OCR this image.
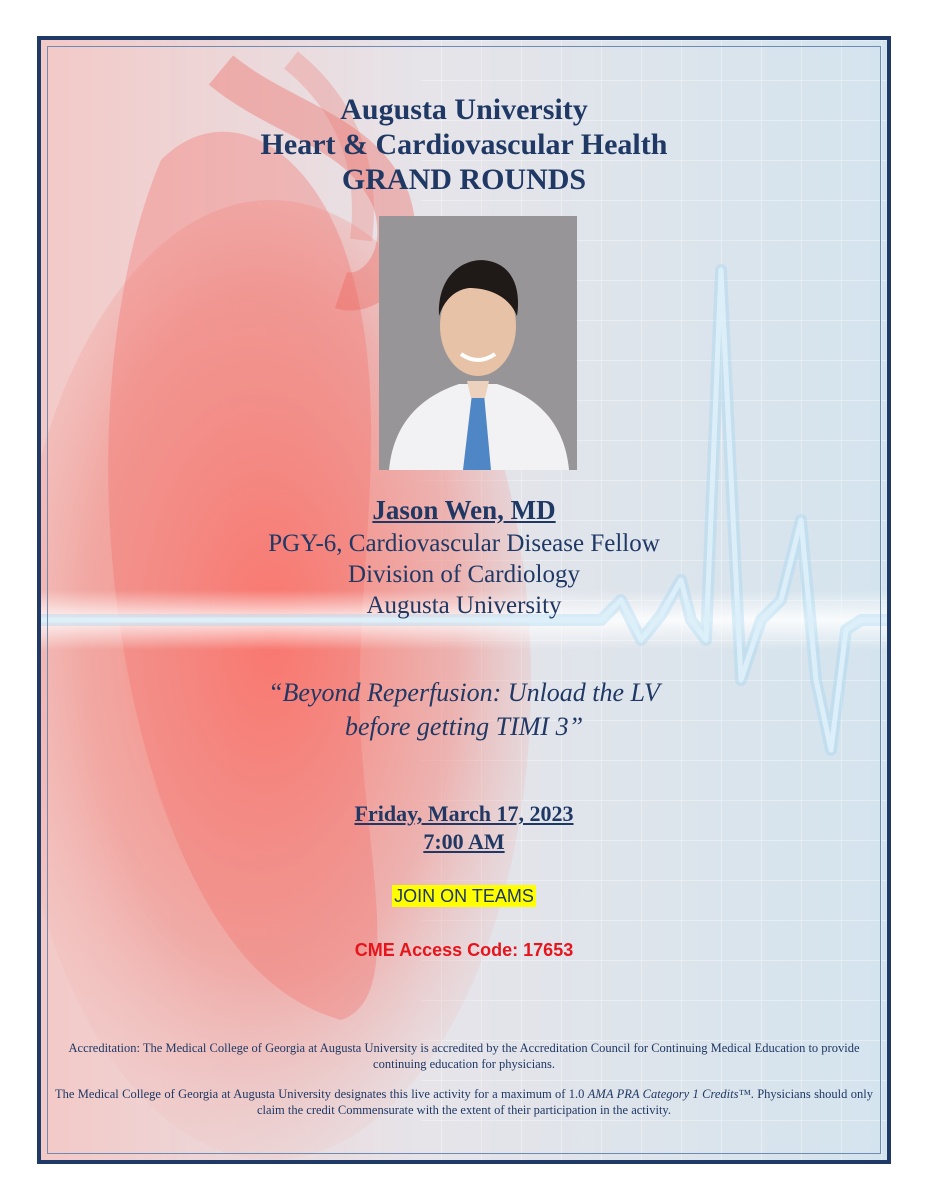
Augusta University
Heart & Cardiovascular Health
GRAND ROUNDS
Jason Wen, MD
PGY-6, Cardiovascular Disease Fellow
Division of Cardiology
Augusta University
“Beyond Reperfusion: Unload the LV
before getting TIMI 3”
Friday, March 17, 2023
7:00 AM
JOIN ON TEAMS
CME Access Code: 17653
Accreditation: The Medical College of Georgia at Augusta University is accredited by the Accreditation Council for Continuing Medical Education to provide continuing education for physicians.
The Medical College of Georgia at Augusta University designates this live activity for a maximum of 1.0 AMA PRA Category 1 Credits™. Physicians should only claim the credit Commensurate with the extent of their participation in the activity.
